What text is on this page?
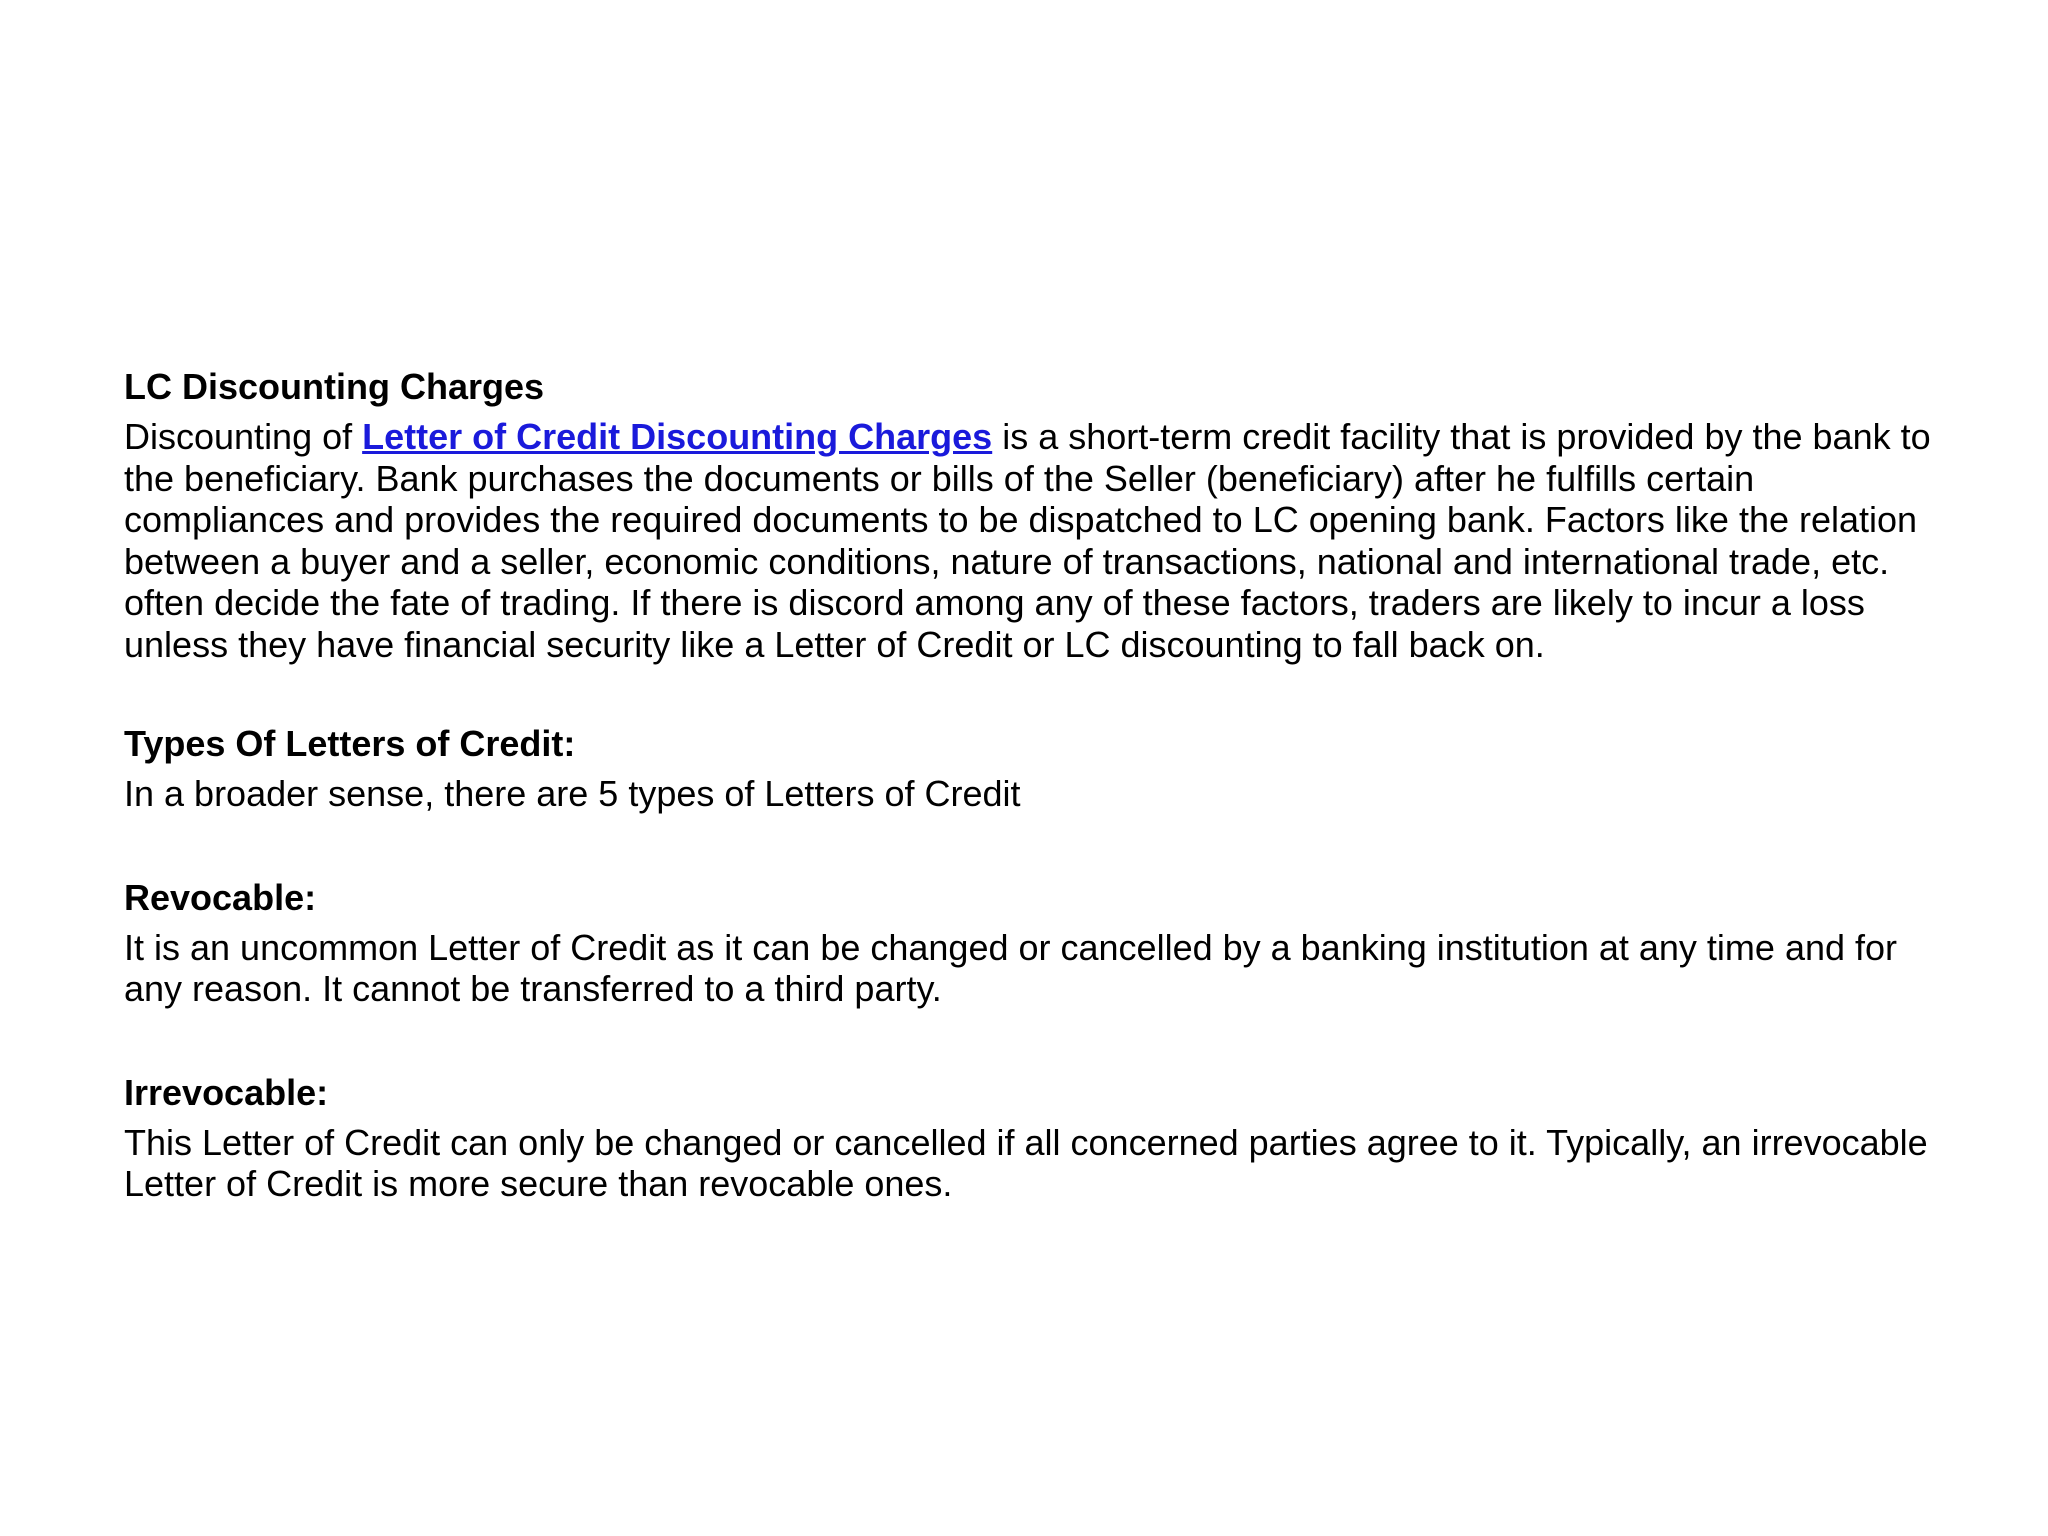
LC Discounting Charges

Discounting of Letter of Credit Discounting Charges is a short-term credit facility that is provided by the bank to the beneficiary. Bank purchases the documents or bills of the Seller (beneficiary) after he fulfills certain compliances and provides the required documents to be dispatched to LC opening bank. Factors like the relation between a buyer and a seller, economic conditions, nature of transactions, national and international trade, etc. often decide the fate of trading. If there is discord among any of these factors, traders are likely to incur a loss unless they have financial security like a Letter of Credit or LC discounting to fall back on.

Types Of Letters of Credit:

In a broader sense, there are 5 types of Letters of Credit

Revocable:

It is an uncommon Letter of Credit as it can be changed or cancelled by a banking institution at any time and for any reason. It cannot be transferred to a third party.

Irrevocable:

This Letter of Credit can only be changed or cancelled if all concerned parties agree to it. Typically, an irrevocable Letter of Credit is more secure than revocable ones.
